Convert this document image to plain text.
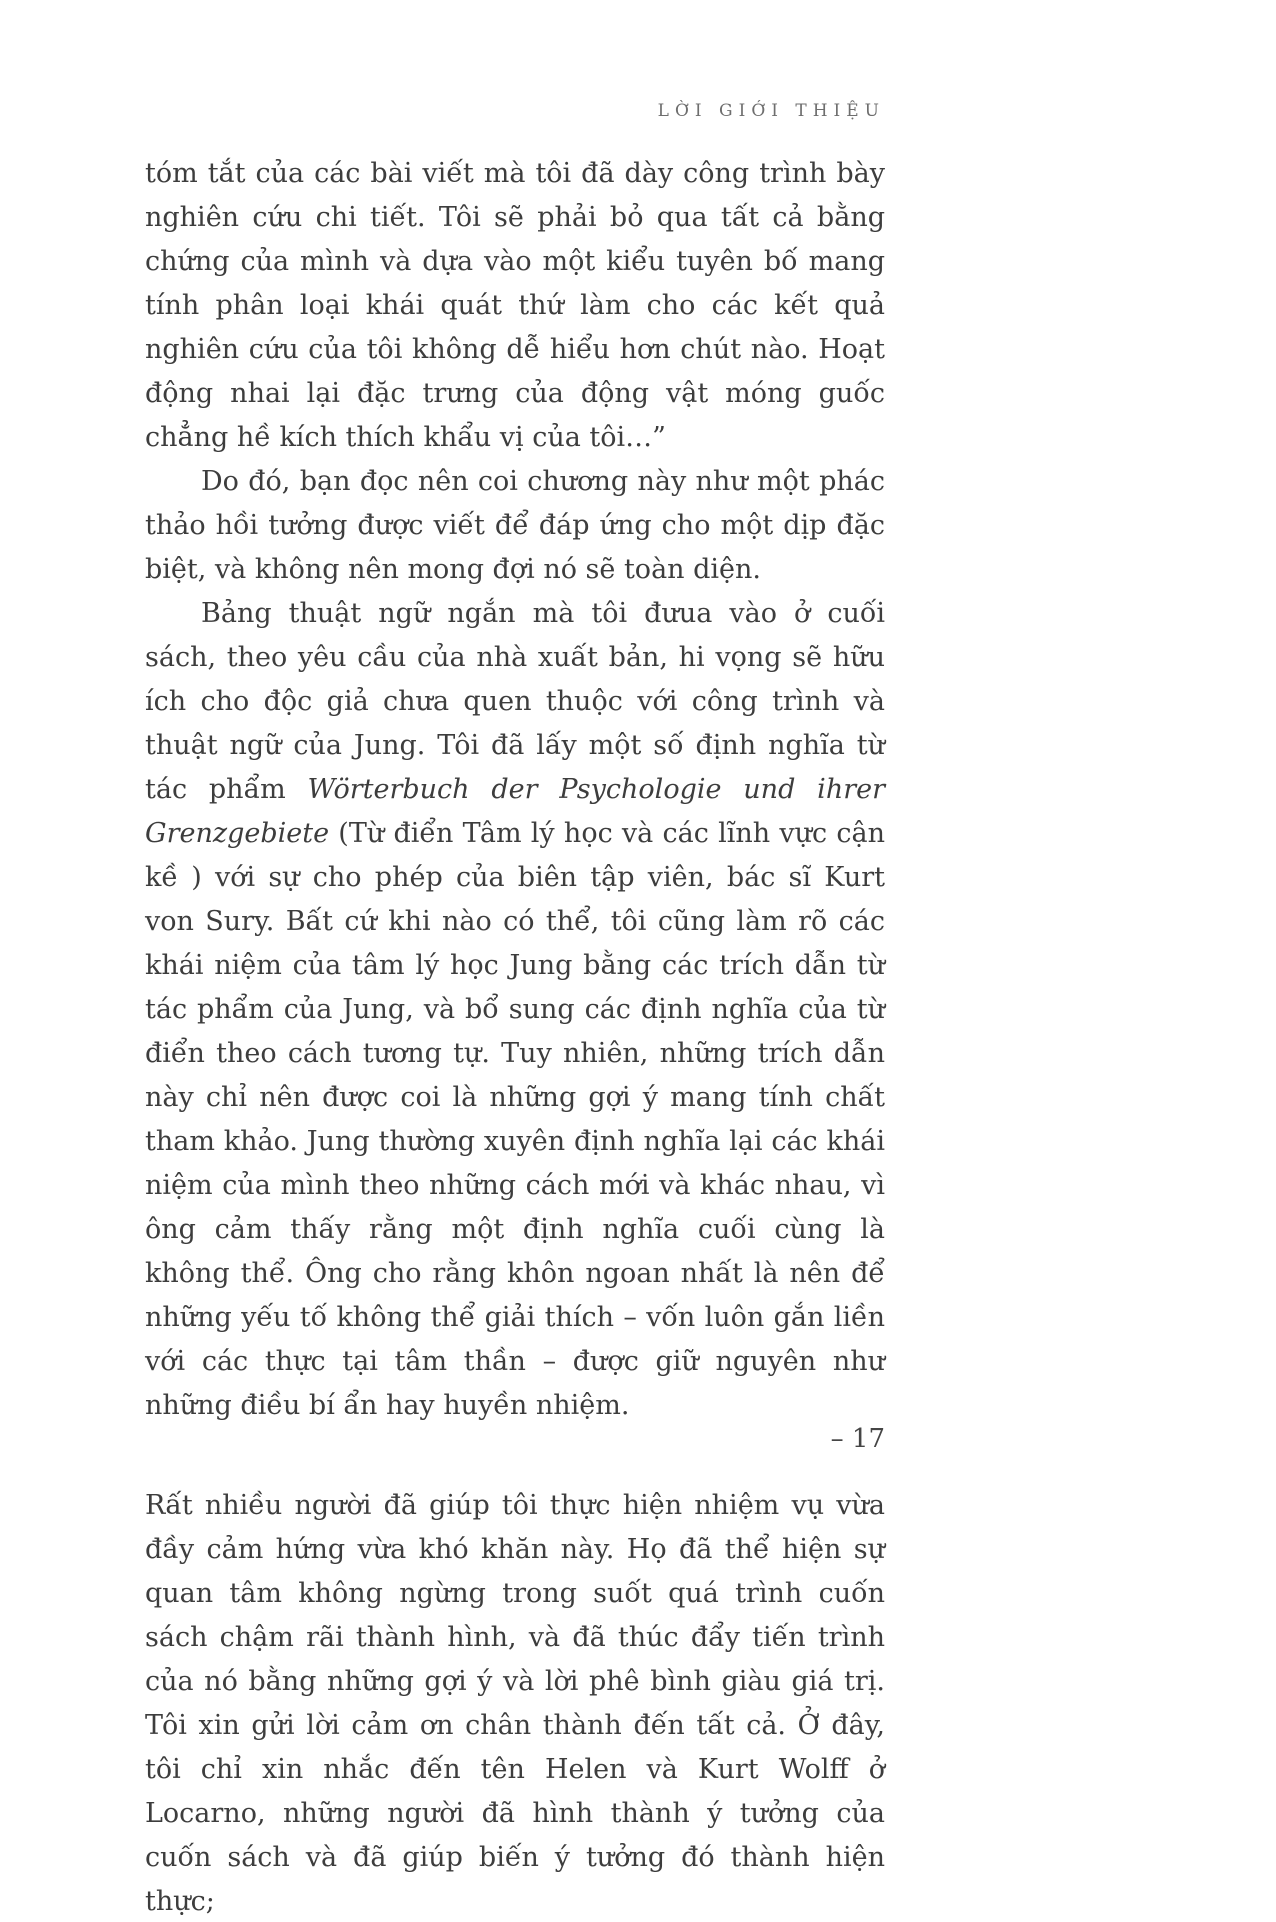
LỜI GIỚI THIỆU

tóm tắt của các bài viết mà tôi đã dày công trình bày nghiên cứu chi tiết. Tôi sẽ phải bỏ qua tất cả bằng chứng của mình và dựa vào một kiểu tuyên bố mang tính phân loại khái quát thứ làm cho các kết quả nghiên cứu của tôi không dễ hiểu hơn chút nào. Hoạt động nhai lại đặc trưng của động vật móng guốc chẳng hề kích thích khẩu vị của tôi…”

Do đó, bạn đọc nên coi chương này như một phác thảo hồi tưởng được viết để đáp ứng cho một dịp đặc biệt, và không nên mong đợi nó sẽ toàn diện.

Bảng thuật ngữ ngắn mà tôi đưua vào ở cuối sách, theo yêu cầu của nhà xuất bản, hi vọng sẽ hữu ích cho độc giả chưa quen thuộc với công trình và thuật ngữ của Jung. Tôi đã lấy một số định nghĩa từ tác phẩm Wörterbuch der Psychologie und ihrer Grenzgebiete (Từ điển Tâm lý học và các lĩnh vực cận kề ) với sự cho phép của biên tập viên, bác sĩ Kurt von Sury. Bất cứ khi nào có thể, tôi cũng làm rõ các khái niệm của tâm lý học Jung bằng các trích dẫn từ tác phẩm của Jung, và bổ sung các định nghĩa của từ điển theo cách tương tự. Tuy nhiên, những trích dẫn này chỉ nên được coi là những gợi ý mang tính chất tham khảo. Jung thường xuyên định nghĩa lại các khái niệm của mình theo những cách mới và khác nhau, vì ông cảm thấy rằng một định nghĩa cuối cùng là không thể. Ông cho rằng khôn ngoan nhất là nên để những yếu tố không thể giải thích – vốn luôn gắn liền với các thực tại tâm thần – được giữ nguyên như những điều bí ẩn hay huyền nhiệm.

Rất nhiều người đã giúp tôi thực hiện nhiệm vụ vừa đầy cảm hứng vừa khó khăn này. Họ đã thể hiện sự quan tâm không ngừng trong suốt quá trình cuốn sách chậm rãi thành hình, và đã thúc đẩy tiến trình của nó bằng những gợi ý và lời phê bình giàu giá trị. Tôi xin gửi lời cảm ơn chân thành đến tất cả. Ở đây, tôi chỉ xin nhắc đến tên Helen và Kurt Wolff ở Locarno, những người đã hình thành ý tưởng của cuốn sách và đã giúp biến ý tưởng đó thành hiện thực;

– 17
